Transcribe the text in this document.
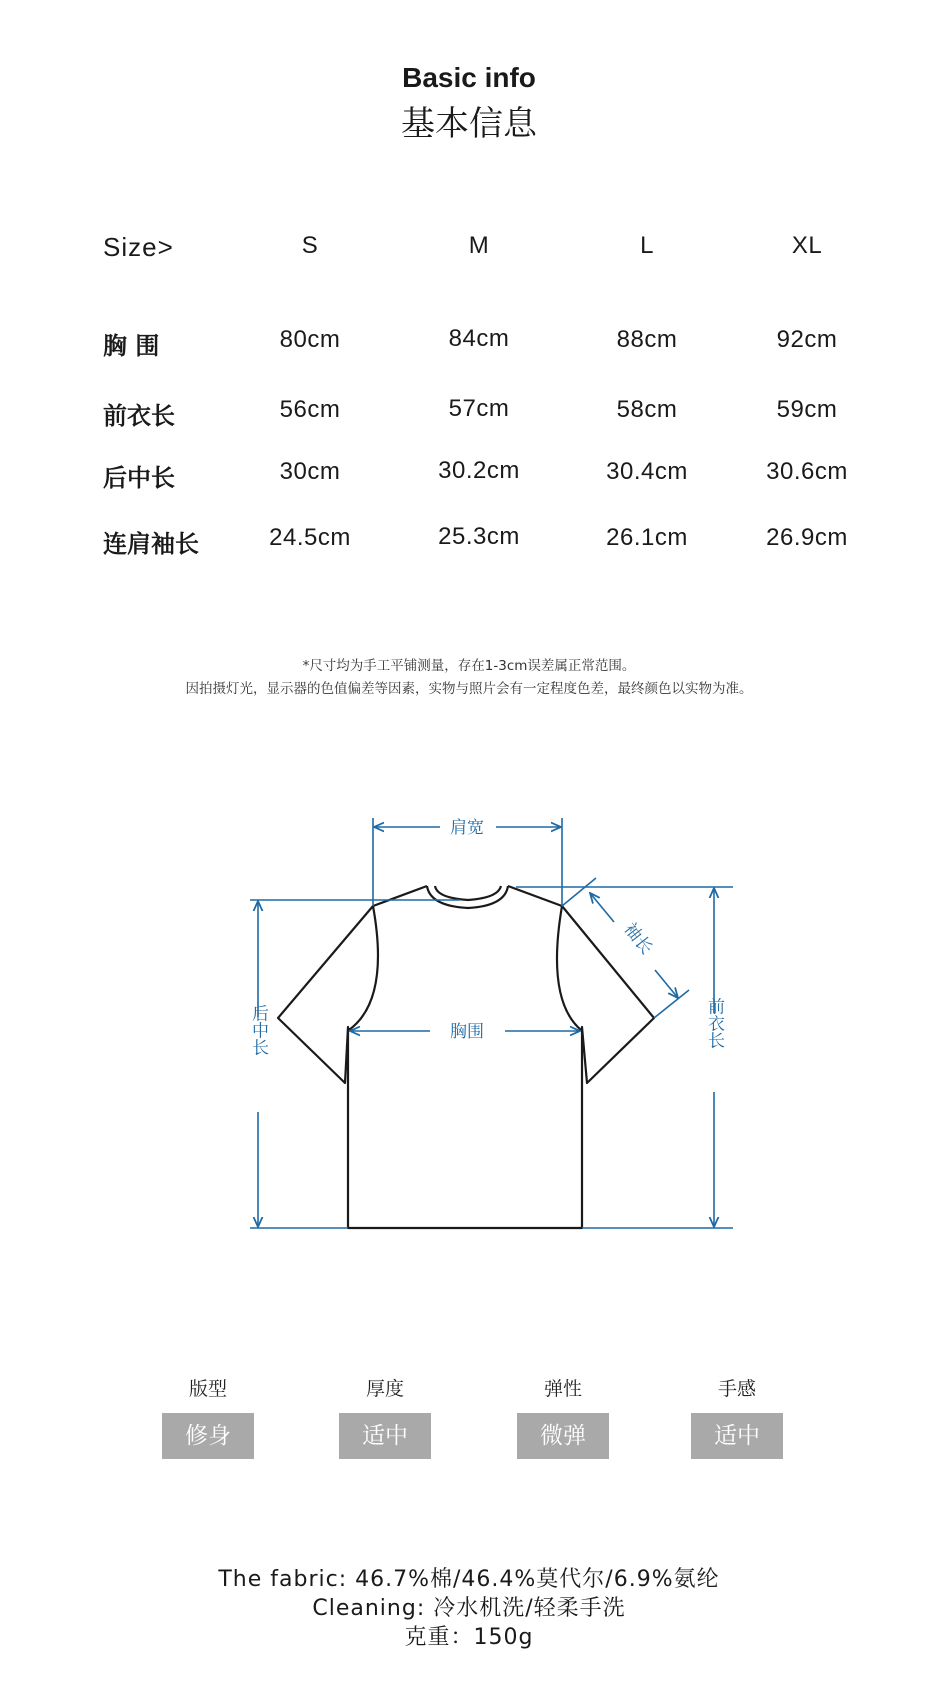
Basic info
基本信息
Size>	S	M	L	XL
胸 围	80cm	84cm	88cm	92cm
前衣长	56cm	57cm	58cm	59cm
后中长	30cm	30.2cm	30.4cm	30.6cm
连肩袖长	24.5cm	25.3cm	26.1cm	26.9cm
*尺寸均为手工平铺测量，存在1-3cm误差属正常范围。
因拍摄灯光，显示器的色值偏差等因素，实物与照片会有一定程度色差，最终颜色以实物为准。
肩宽
胸围
袖长
后中长	前衣长
版型
修身
厚度
适中
弹性
微弹
手感
适中
The fabric: 46.7%棉/46.4%莫代尔/6.9%氨纶
Cleaning: 冷水机洗/轻柔手洗
克重：150g
